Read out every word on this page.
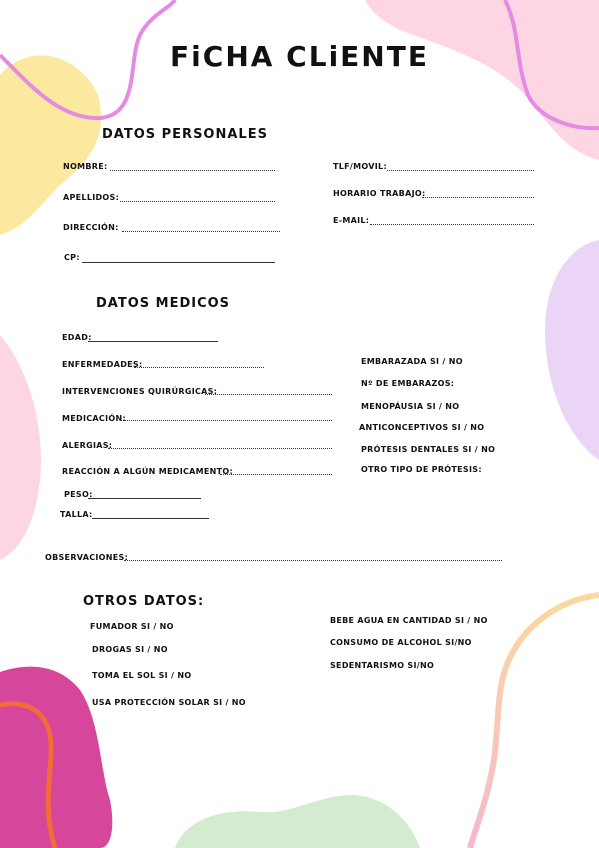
FiCHA CLiENTE
DATOS PERSONALES
NOMBRE:
APELLIDOS:
DIRECCIÓN:
CP:
TLF/MOVIL:
HORARIO TRABAJO:
E-MAIL:
DATOS MEDICOS
EDAD:
ENFERMEDADES:
INTERVENCIONES QUIRÚRGICAS:
MEDICACIÓN:
ALERGIAS:
REACCIÓN A ALGÚN MEDICAMENTO:
PESO:
TALLA:
EMBARAZADA SI / NO
Nº DE EMBARAZOS:
MENOPÁUSIA SI / NO
ANTICONCEPTIVOS SI / NO
PRÓTESIS DENTALES SI / NO
OTRO TIPO DE PRÓTESIS:
OBSERVACIONES:
OTROS DATOS:
FUMADOR SI / NO
DROGAS SI / NO
TOMA EL SOL SI / NO
USA PROTECCIÓN SOLAR SI / NO
BEBE AGUA EN CANTIDAD SI / NO
CONSUMO DE ALCOHOL SI/NO
SEDENTARISMO SI/NO
